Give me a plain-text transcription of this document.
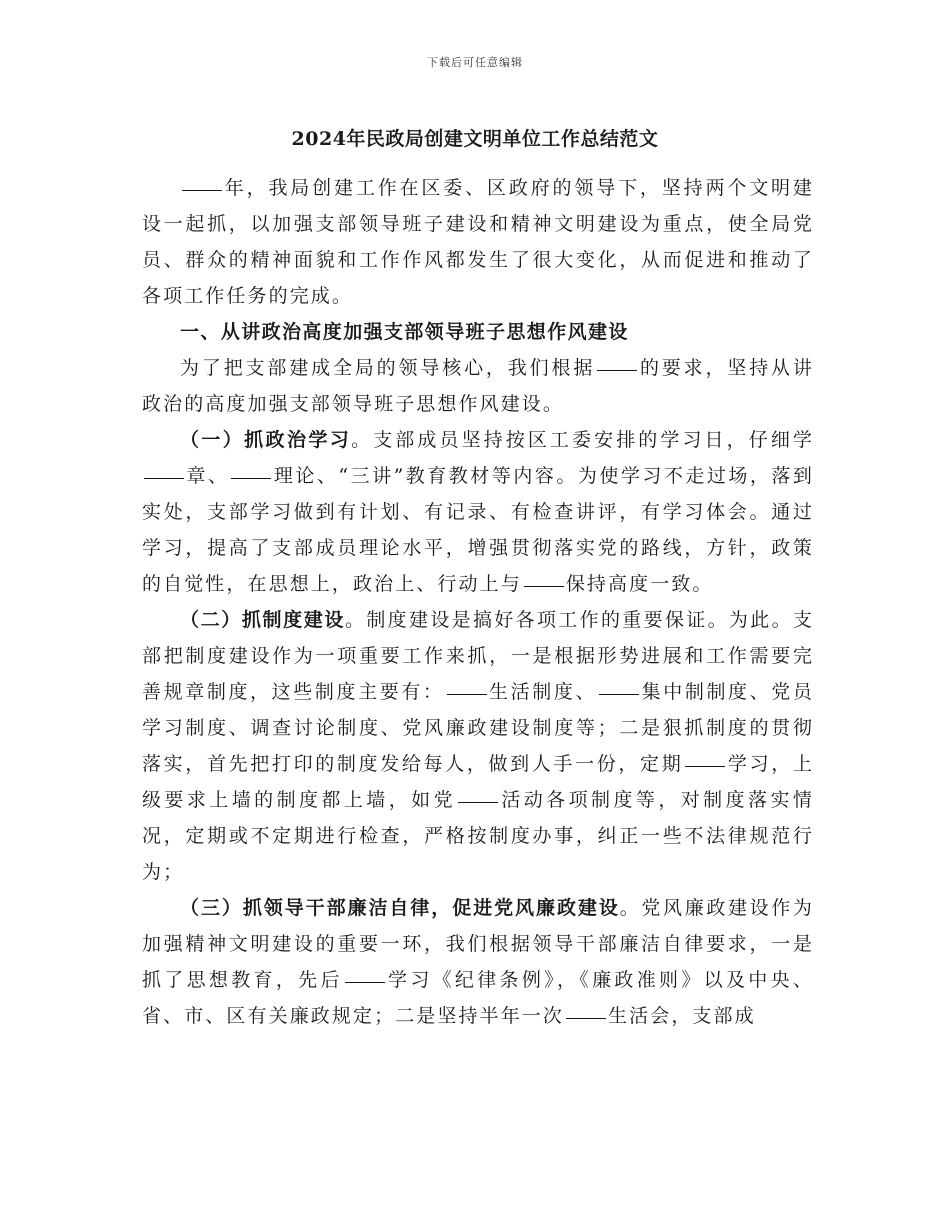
下载后可任意编辑
2024年民政局创建文明单位工作总结范文

年，我局创建工作在区委、区政府的领导下，坚持两个文明建设一起抓，以加强支部领导班子建设和精神文明建设为重点，使全局党员、群众的精神面貌和工作作风都发生了很大变化，从而促进和推动了各项工作任务的完成。

一、从讲政治高度加强支部领导班子思想作风建设

为了把支部建成全局的领导核心，我们根据 的要求，坚持从讲政治的高度加强支部领导班子思想作风建设。

（一）抓政治学习。支部成员坚持按区工委安排的学习日，仔细学章、 理论、“三讲”教育教材等内容。为使学习不走过场，落到实处，支部学习做到有计划、有记录、有检查讲评，有学习体会。通过学习，提高了支部成员理论水平，增强贯彻落实党的路线，方针，政策的自觉性，在思想上，政治上、行动上与 保持高度一致。

（二）抓制度建设。制度建设是搞好各项工作的重要保证。为此。支部把制度建设作为一项重要工作来抓，一是根据形势进展和工作需要完善规章制度，这些制度主要有： 生活制度、 集中制制度、党员学习制度、调查讨论制度、党风廉政建设制度等；二是狠抓制度的贯彻落实，首先把打印的制度发给每人，做到人手一份，定期 学习，上级要求上墙的制度都上墙，如党 活动各项制度等，对制度落实情况，定期或不定期进行检查，严格按制度办事，纠正一些不法律规范行为；

（三）抓领导干部廉洁自律，促进党风廉政建设。党风廉政建设作为加强精神文明建设的重要一环，我们根据领导干部廉洁自律要求，一是抓了思想教育，先后 学习《纪律条例》，《廉政准则》以及中央、省、市、区有关廉政规定；二是坚持半年一次 生活会，支部成
